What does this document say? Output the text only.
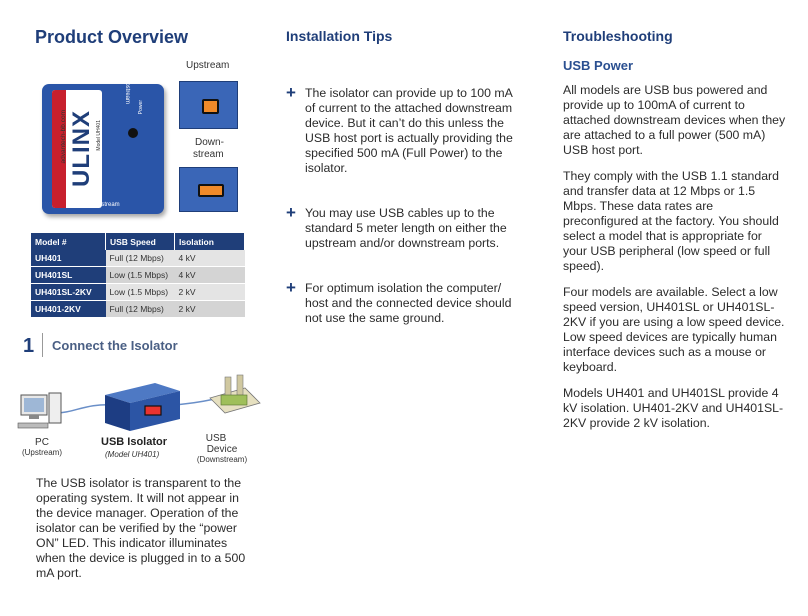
Product Overview
Upstream
advantech-bb.com ULINX Model UH401
Power
Downstream
Upstream
Down-
stream
Model #	USB Speed	Isolation
UH401	Full (12 Mbps)	4 kV
UH401SL	Low (1.5 Mbps)	4 kV
UH401SL-2KV	Low (1.5 Mbps)	2 kV
UH401-2KV	Full (12 Mbps)	2 kV
1 Connect the Isolator
PC
(Upstream)
USB Isolator
(Model UH401)
USB
Device
(Downstream)
The USB isolator is transparent to the operating system. It will not appear in the device manager. Operation of the isolator can be verified by the “power ON” LED. This indicator illuminates when the device is plugged in to a 500 mA port.
Installation Tips
+ The isolator can provide up to 100 mA of current to the attached downstream device. But it can’t do this unless the USB host port is actually providing the specified 500 mA (Full Power) to the isolator.
+ You may use USB cables up to the standard 5 meter length on either the upstream and/or downstream ports.
+ For optimum isolation the computer/ host and the connected device should not use the same ground.
Troubleshooting
USB Power

All models are USB bus powered and provide up to 100mA of current to attached downstream devices when they are attached to a full power (500 mA) USB host port.

They comply with the USB 1.1 standard and transfer data at 12 Mbps or 1.5 Mbps. These data rates are preconfigured at the factory. You should select a model that is appropriate for your USB peripheral (low speed or full speed).

Four models are available. Select a low speed version, UH401SL or UH401SL-2KV if you are using a low speed device. Low speed devices are typically human interface devices such as a mouse or keyboard.

Models UH401 and UH401SL provide 4 kV isolation. UH401-2KV and UH401SL-2KV provide 2 kV isolation.
